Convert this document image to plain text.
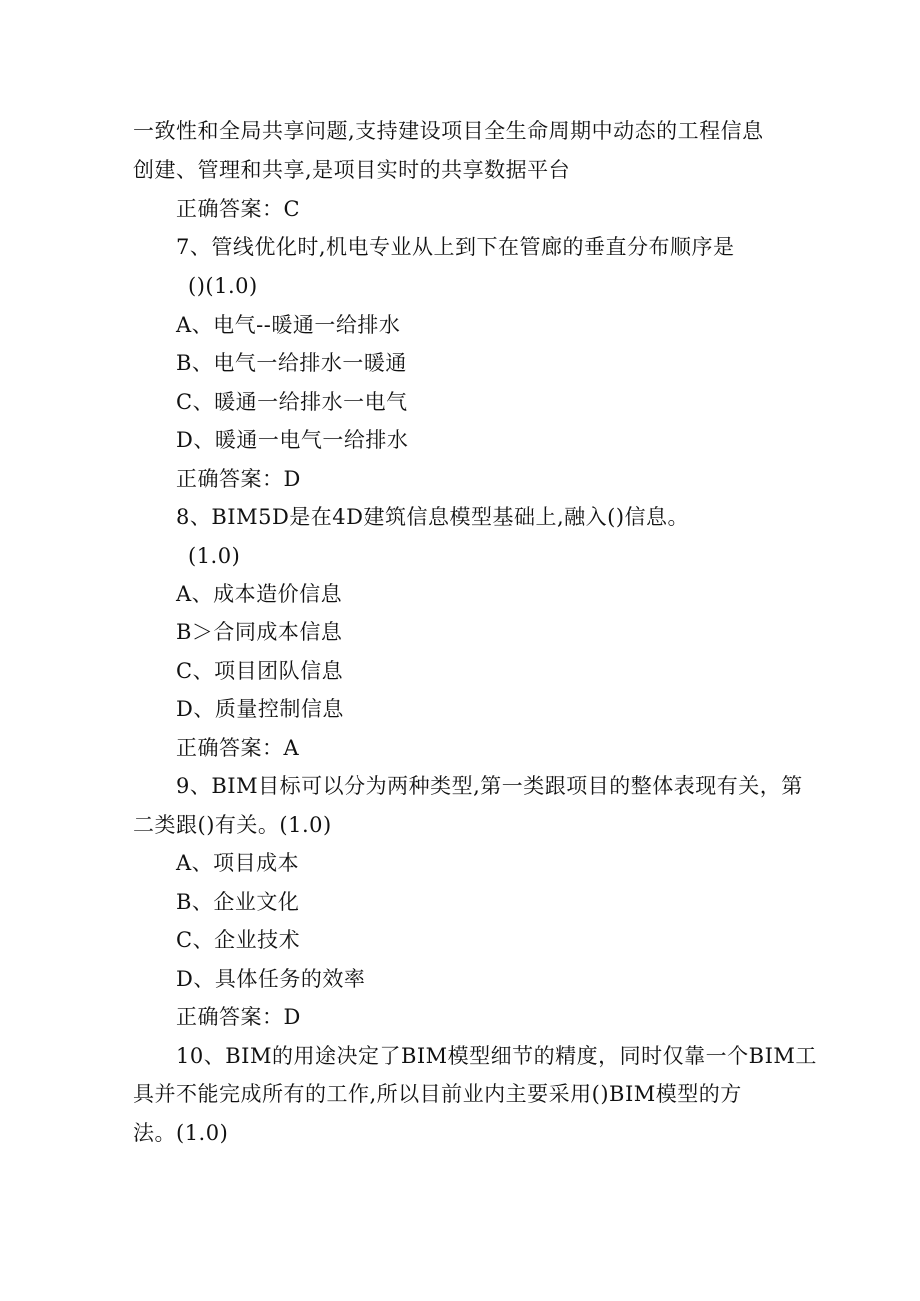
一致性和全局共享问题,支持建设项目全生命周期中动态的工程信息
创建、管理和共享,是项目实时的共享数据平台
正确答案：C
7、管线优化时,机电专业从上到下在管廊的垂直分布顺序是
()(1.0)
A、电气--暖通一给排水
B、电气一给排水一暖通
C、暖通一给排水一电气
D、暖通一电气一给排水
正确答案：D
8、BIM5D是在4D建筑信息模型基础上,融入()信息。
(1.0)
A、成本造价信息
B＞合同成本信息
C、项目团队信息
D、质量控制信息
正确答案：A
9、BIM目标可以分为两种类型,第一类跟项目的整体表现有关，第
二类跟()有关。(1.0)
A、项目成本
B、企业文化
C、企业技术
D、具体任务的效率
正确答案：D
10、BIM的用途决定了BIM模型细节的精度，同时仅靠一个BIM工
具并不能完成所有的工作,所以目前业内主要采用()BIM模型的方
法。(1.0)
